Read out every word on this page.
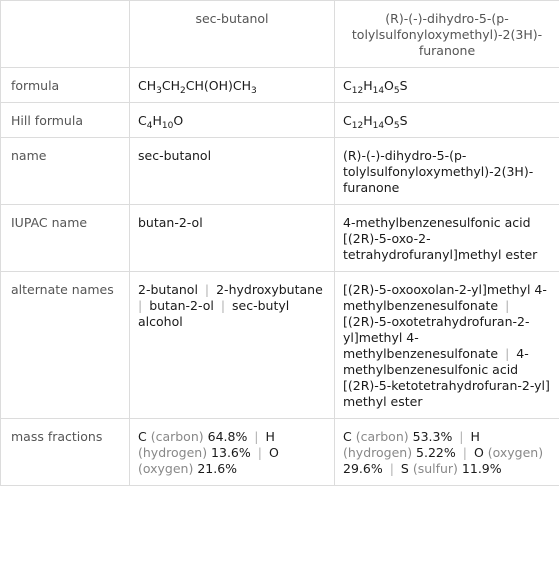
	sec-butanol	(R)-(-)-dihydro-5-(p-tolylsulfonyloxymethyl)-2(3H)-furanone
formula	$CH_3CH_2CH(OH)CH_3$	$C_{12}H_{14}O_5S$
Hill formula	$C_4H_{10}O$	$C_{12}H_{14}O_5S$
name	sec-butanol	(R)-(-)-dihydro-5-(p-tolylsulfonyloxymethyl)-2(3H)-furanone
IUPAC name	butan-2-ol	4-methylbenzenesulfonic acid [(2R)-5-oxo-2-tetrahydrofuranyl]methyl ester
alternate names	2-butanol | 2-hydroxybutane | butan-2-ol | sec-butyl alcohol	[(2R)-5-oxooxolan-2-yl]methyl 4-methylbenzenesulfonate | [(2R)-5-oxotetrahydrofuran-2-yl]methyl 4-methylbenzenesulfonate | 4-methylbenzenesulfonic acid [(2R)-5-ketotetrahydrofuran-2-yl] methyl ester
mass fractions	C (carbon) 64.8% | H (hydrogen) 13.6% | O (oxygen) 21.6%	C (carbon) 53.3% | H (hydrogen) 5.22% | O (oxygen) 29.6% | S (sulfur) 11.9%
